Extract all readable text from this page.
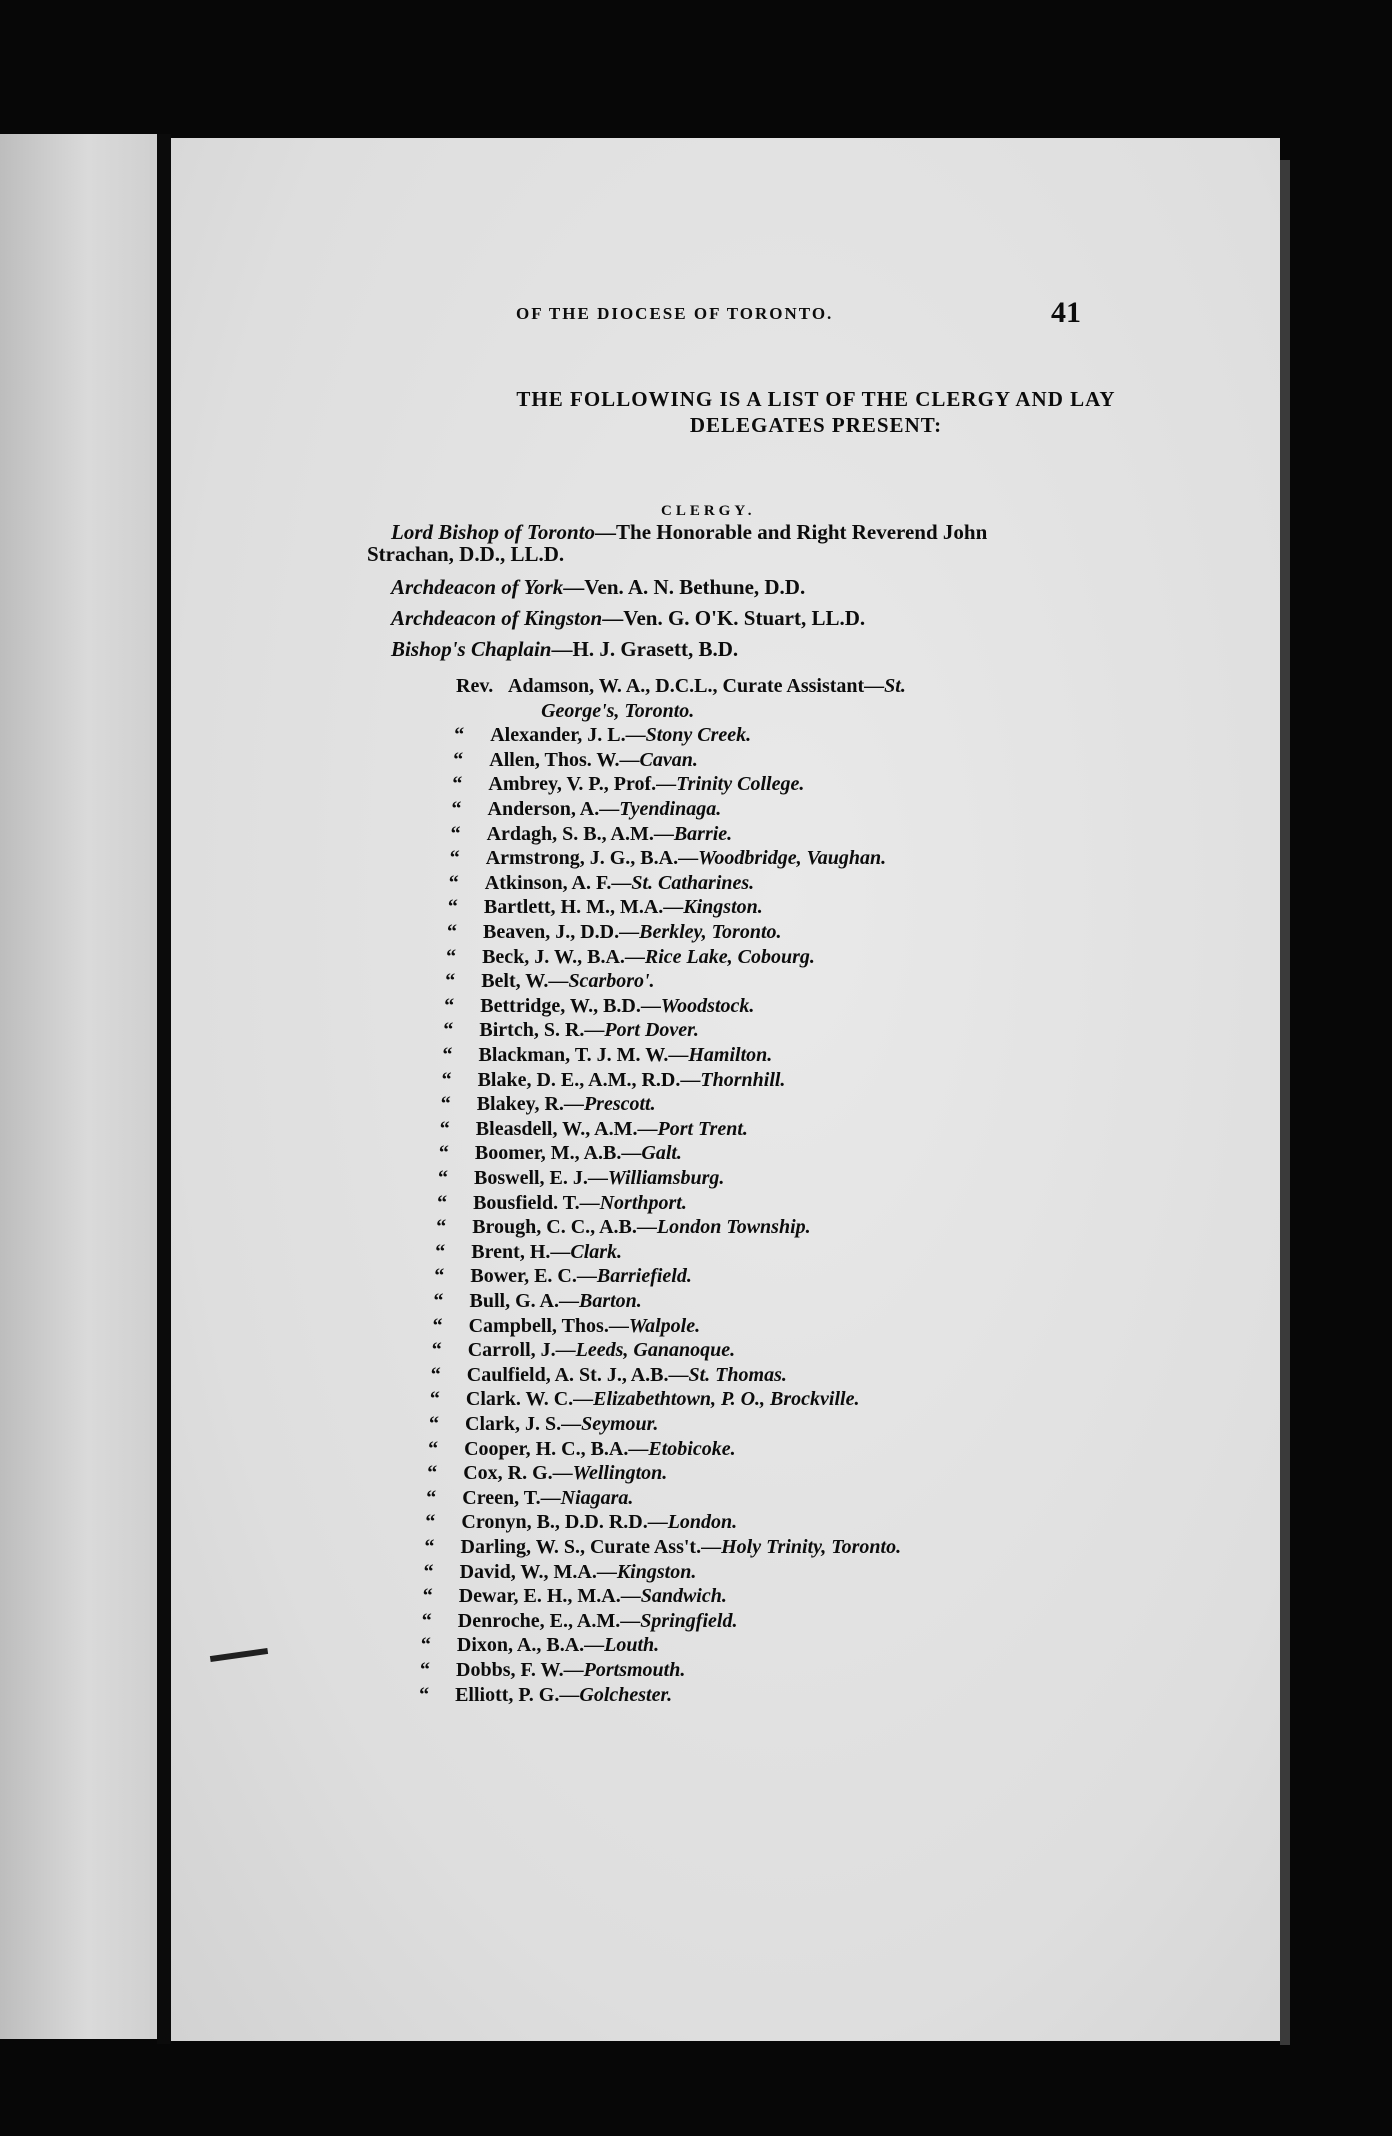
OF THE DIOCESE OF TORONTO.	41
THE FOLLOWING IS A LIST OF THE CLERGY AND LAY
DELEGATES PRESENT:
CLERGY.
Lord Bishop of Toronto—The Honorable and Right Reverend John
Strachan, D.D., LL.D.
Archdeacon of York—Ven. A. N. Bethune, D.D.
Archdeacon of Kingston—Ven. G. O'K. Stuart, LL.D.
Bishop's Chaplain—H. J. Grasett, B.D.
Rev. Adamson, W. A., D.C.L., Curate Assistant—St.
George's, Toronto.
“ Alexander, J. L.—Stony Creek.
“ Allen, Thos. W.—Cavan.
“ Ambrey, V. P., Prof.—Trinity College.
“ Anderson, A.—Tyendinaga.
“ Ardagh, S. B., A.M.—Barrie.
“ Armstrong, J. G., B.A.—Woodbridge, Vaughan.
“ Atkinson, A. F.—St. Catharines.
“ Bartlett, H. M., M.A.—Kingston.
“ Beaven, J., D.D.—Berkley, Toronto.
“ Beck, J. W., B.A.—Rice Lake, Cobourg.
“ Belt, W.—Scarboro'.
“ Bettridge, W., B.D.—Woodstock.
“ Birtch, S. R.—Port Dover.
“ Blackman, T. J. M. W.—Hamilton.
“ Blake, D. E., A.M., R.D.—Thornhill.
“ Blakey, R.—Prescott.
“ Bleasdell, W., A.M.—Port Trent.
“ Boomer, M., A.B.—Galt.
“ Boswell, E. J.—Williamsburg.
“ Bousfield. T.—Northport.
“ Brough, C. C., A.B.—London Township.
“ Brent, H.—Clark.
“ Bower, E. C.—Barriefield.
“ Bull, G. A.—Barton.
“ Campbell, Thos.—Walpole.
“ Carroll, J.—Leeds, Gananoque.
“ Caulfield, A. St. J., A.B.—St. Thomas.
“ Clark. W. C.—Elizabethtown, P. O., Brockville.
“ Clark, J. S.—Seymour.
“ Cooper, H. C., B.A.—Etobicoke.
“ Cox, R. G.—Wellington.
“ Creen, T.—Niagara.
“ Cronyn, B., D.D. R.D.—London.
“ Darling, W. S., Curate Ass't.—Holy Trinity, Toronto.
“ David, W., M.A.—Kingston.
“ Dewar, E. H., M.A.—Sandwich.
“ Denroche, E., A.M.—Springfield.
“ Dixon, A., B.A.—Louth.
“ Dobbs, F. W.—Portsmouth.
“ Elliott, P. G.—Golchester.
